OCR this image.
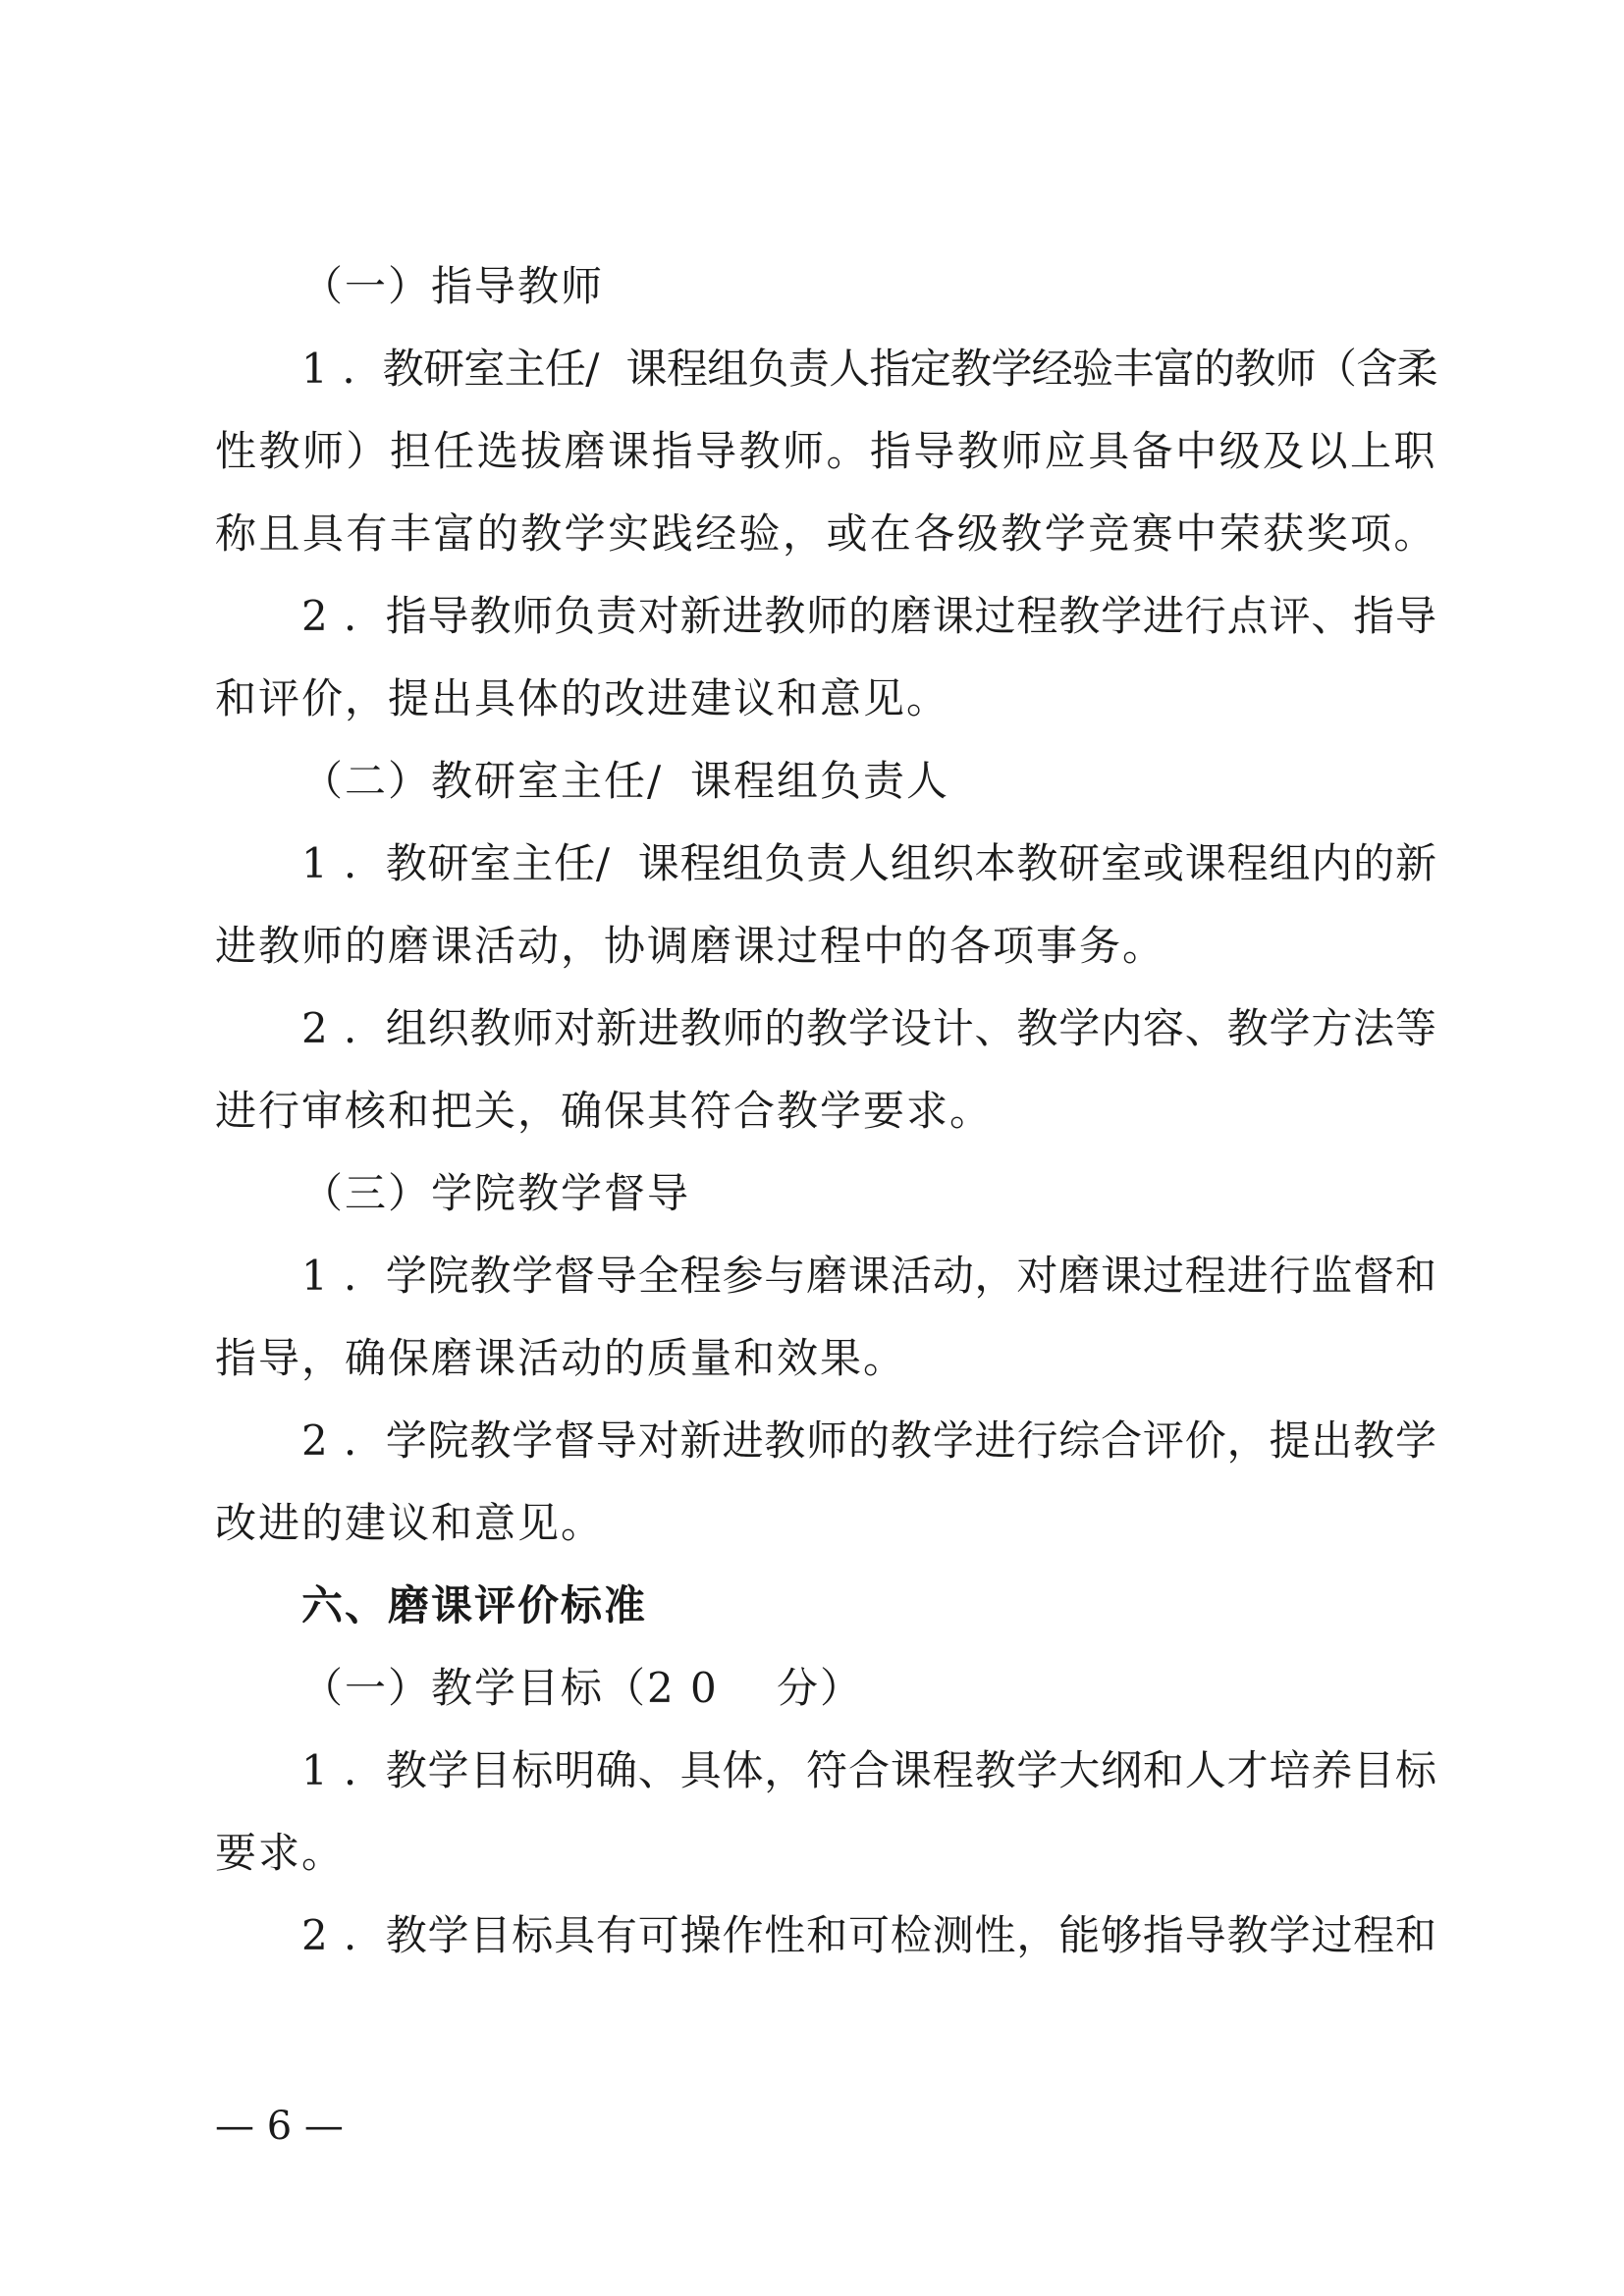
（ 一 ） 指 导 教 师
1 . 教 研 室 主 任 / 课 程 组 负 责 人 指 定 教 学 经 验 丰 富 的 教 师 （ 含 柔
性 教 师 ） 担 任 选 拔 磨 课 指 导 教 师 。 指 导 教 师 应 具 备 中 级 及 以 上 职
称 且 具 有 丰 富 的 教 学 实 践 经 验 ， 或 在 各 级 教 学 竞 赛 中 荣 获 奖 项 。
2 . 指 导 教 师 负 责 对 新 进 教 师 的 磨 课 过 程 教 学 进 行 点 评 、 指 导
和 评 价 ， 提 出 具 体 的 改 进 建 议 和 意 见 。
（ 二 ） 教 研 室 主 任 / 课 程 组 负 责 人
1 . 教 研 室 主 任 / 课 程 组 负 责 人 组 织 本 教 研 室 或 课 程 组 内 的 新
进 教 师 的 磨 课 活 动 ， 协 调 磨 课 过 程 中 的 各 项 事 务 。
2 . 组 织 教 师 对 新 进 教 师 的 教 学 设 计 、 教 学 内 容 、 教 学 方 法 等
进 行 审 核 和 把 关 ， 确 保 其 符 合 教 学 要 求 。
（ 三 ） 学 院 教 学 督 导
1 . 学 院 教 学 督 导 全 程 参 与 磨 课 活 动 ， 对 磨 课 过 程 进 行 监 督 和
指 导 ， 确 保 磨 课 活 动 的 质 量 和 效 果 。
2 . 学 院 教 学 督 导 对 新 进 教 师 的 教 学 进 行 综 合 评 价 ， 提 出 教 学
改 进 的 建 议 和 意 见 。
六 、 磨 课 评 价 标 准
（ 一 ） 教 学 目 标 （ 2 0 分 ）
1 . 教 学 目 标 明 确 、 具 体 ， 符 合 课 程 教 学 大 纲 和 人 才 培 养 目 标
要 求 。
2 . 教 学 目 标 具 有 可 操 作 性 和 可 检 测 性 ， 能 够 指 导 教 学 过 程 和
— 6 —
